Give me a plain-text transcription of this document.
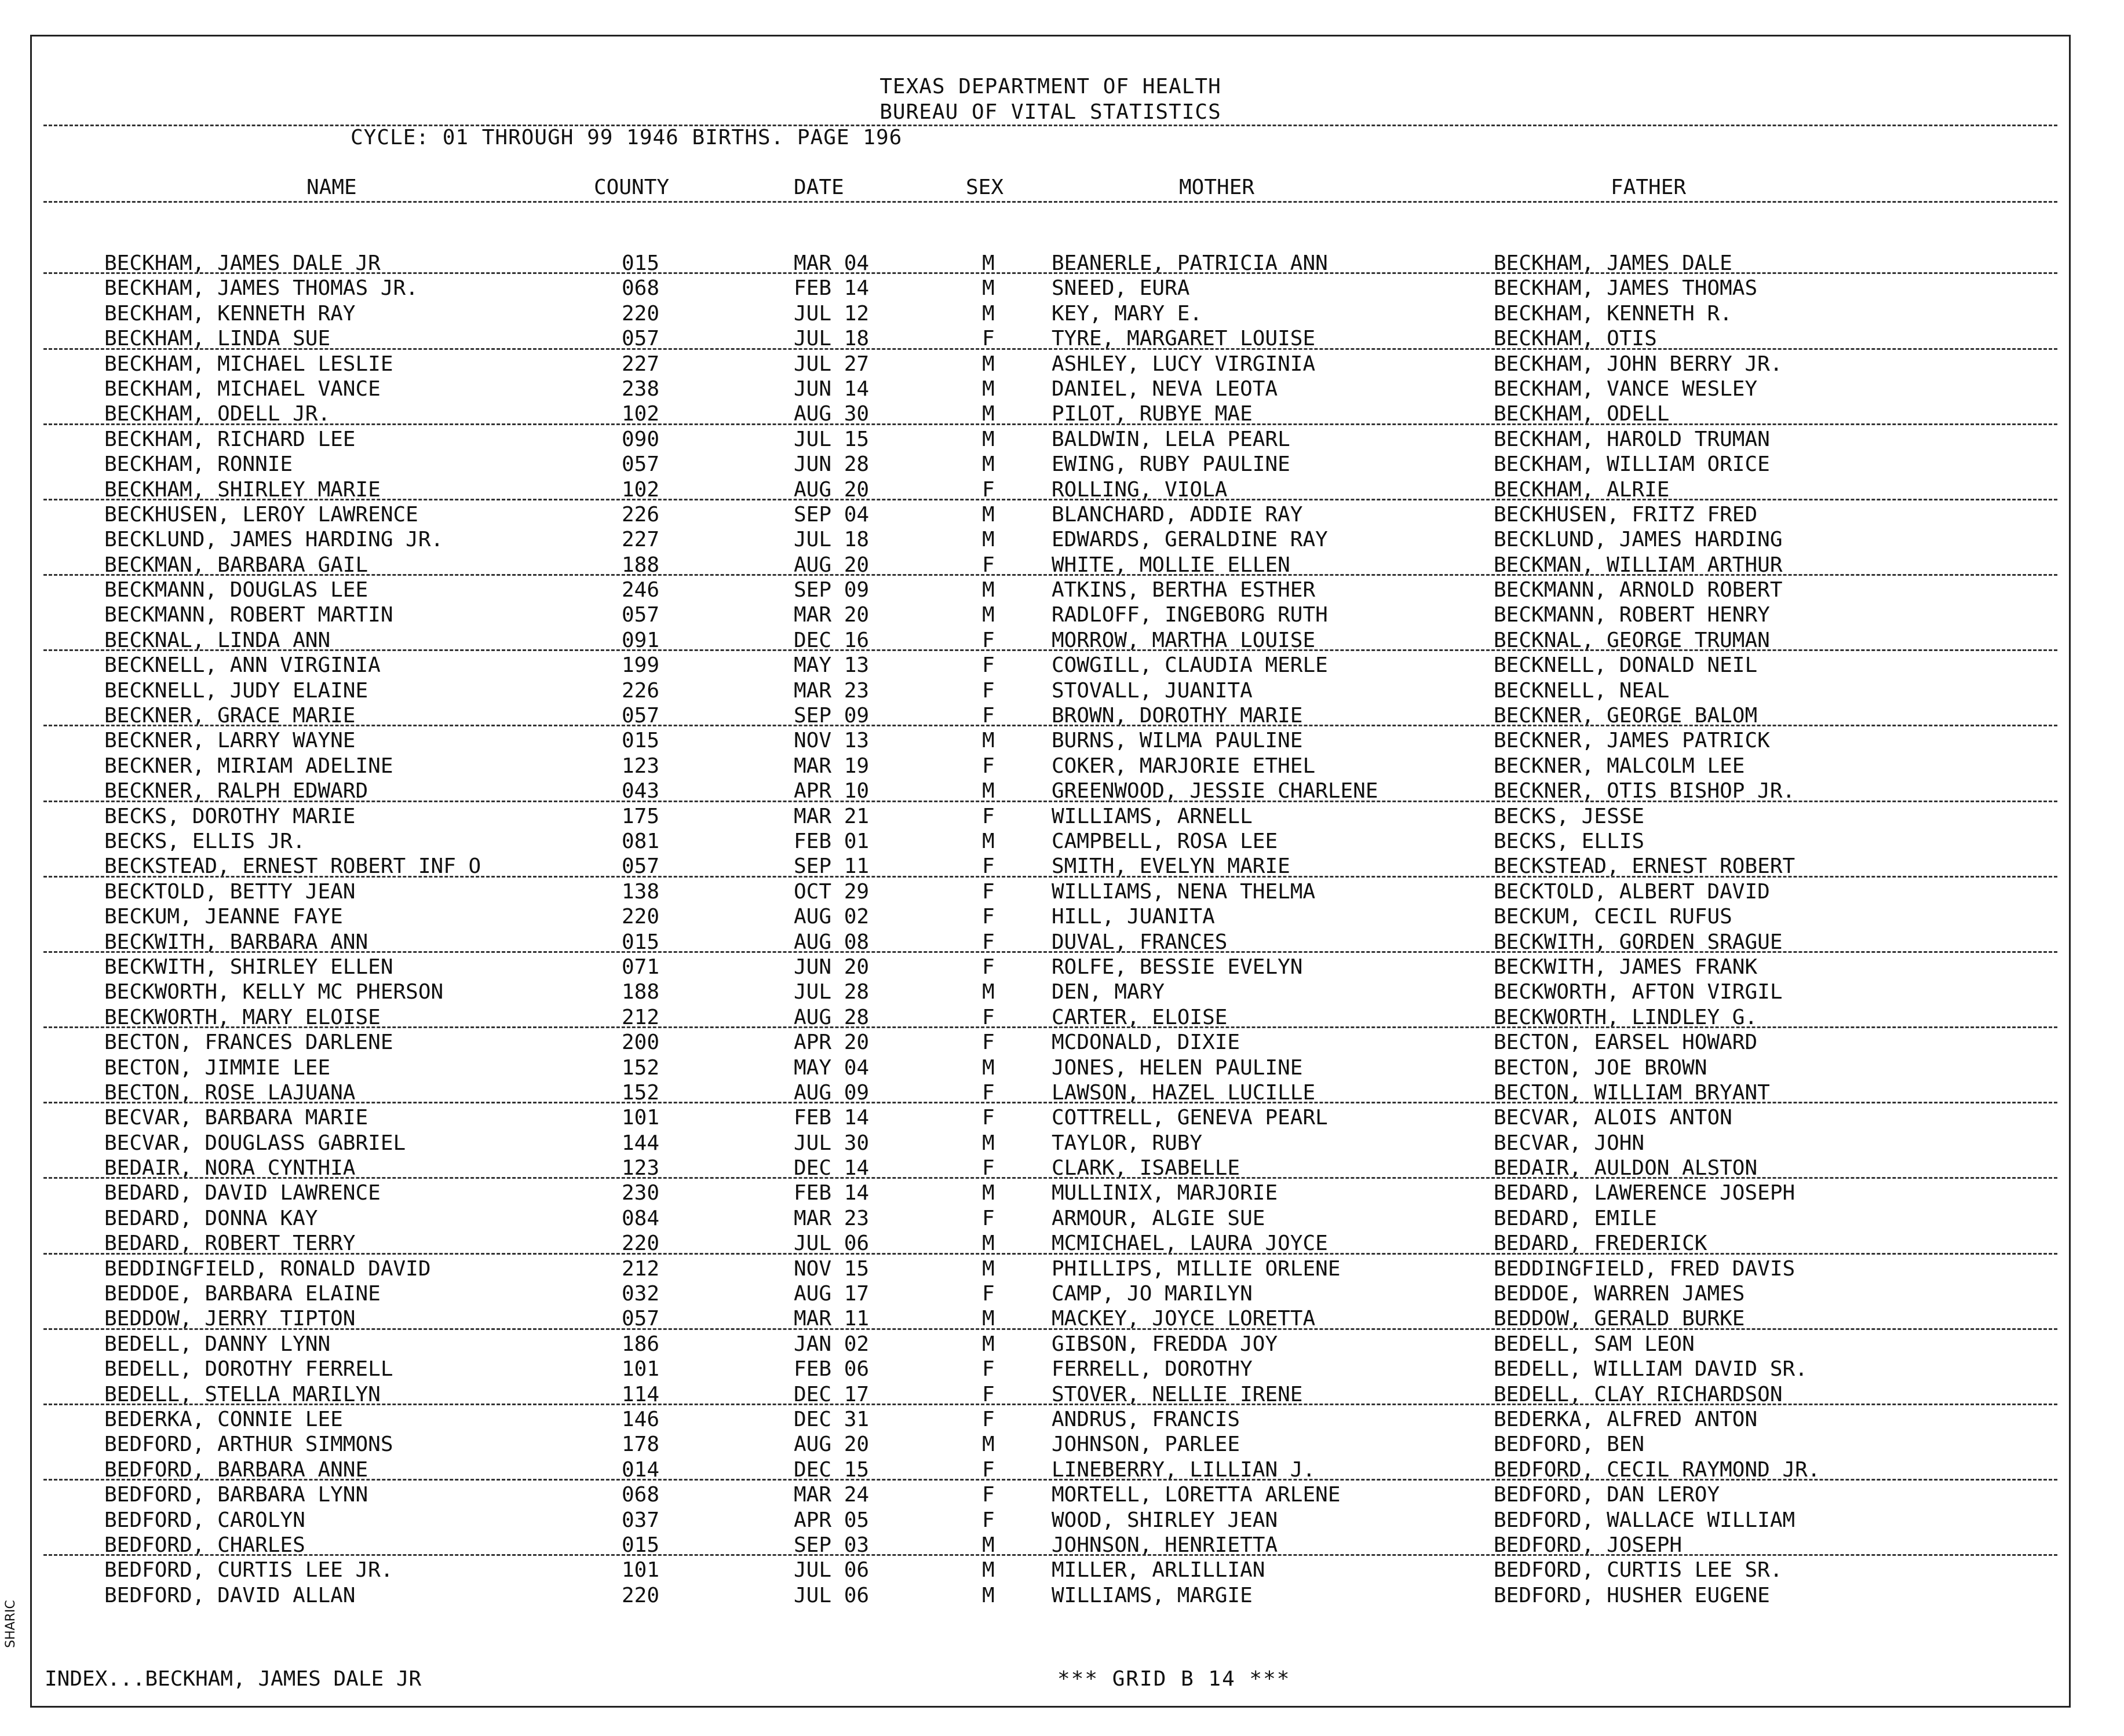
TEXAS DEPARTMENT OF HEALTH
BUREAU OF VITAL STATISTICS
CYCLE: 01 THROUGH 99 1946 BIRTHS. PAGE 196
NAME	COUNTY	DATE	SEX	MOTHER	FATHER
BECKHAM, JAMES DALE JR	015	MAR 04	M	BEANERLE, PATRICIA ANN	BECKHAM, JAMES DALE
BECKHAM, JAMES THOMAS JR.	068	FEB 14	M	SNEED, EURA	BECKHAM, JAMES THOMAS
BECKHAM, KENNETH RAY	220	JUL 12	M	KEY, MARY E.	BECKHAM, KENNETH R.
BECKHAM, LINDA SUE	057	JUL 18	F	TYRE, MARGARET LOUISE	BECKHAM, OTIS
BECKHAM, MICHAEL LESLIE	227	JUL 27	M	ASHLEY, LUCY VIRGINIA	BECKHAM, JOHN BERRY JR.
BECKHAM, MICHAEL VANCE	238	JUN 14	M	DANIEL, NEVA LEOTA	BECKHAM, VANCE WESLEY
BECKHAM, ODELL JR.	102	AUG 30	M	PILOT, RUBYE MAE	BECKHAM, ODELL
BECKHAM, RICHARD LEE	090	JUL 15	M	BALDWIN, LELA PEARL	BECKHAM, HAROLD TRUMAN
BECKHAM, RONNIE	057	JUN 28	M	EWING, RUBY PAULINE	BECKHAM, WILLIAM ORICE
BECKHAM, SHIRLEY MARIE	102	AUG 20	F	ROLLING, VIOLA	BECKHAM, ALRIE
BECKHUSEN, LEROY LAWRENCE	226	SEP 04	M	BLANCHARD, ADDIE RAY	BECKHUSEN, FRITZ FRED
BECKLUND, JAMES HARDING JR.	227	JUL 18	M	EDWARDS, GERALDINE RAY	BECKLUND, JAMES HARDING
BECKMAN, BARBARA GAIL	188	AUG 20	F	WHITE, MOLLIE ELLEN	BECKMAN, WILLIAM ARTHUR
BECKMANN, DOUGLAS LEE	246	SEP 09	M	ATKINS, BERTHA ESTHER	BECKMANN, ARNOLD ROBERT
BECKMANN, ROBERT MARTIN	057	MAR 20	M	RADLOFF, INGEBORG RUTH	BECKMANN, ROBERT HENRY
BECKNAL, LINDA ANN	091	DEC 16	F	MORROW, MARTHA LOUISE	BECKNAL, GEORGE TRUMAN
BECKNELL, ANN VIRGINIA	199	MAY 13	F	COWGILL, CLAUDIA MERLE	BECKNELL, DONALD NEIL
BECKNELL, JUDY ELAINE	226	MAR 23	F	STOVALL, JUANITA	BECKNELL, NEAL
BECKNER, GRACE MARIE	057	SEP 09	F	BROWN, DOROTHY MARIE	BECKNER, GEORGE BALOM
BECKNER, LARRY WAYNE	015	NOV 13	M	BURNS, WILMA PAULINE	BECKNER, JAMES PATRICK
BECKNER, MIRIAM ADELINE	123	MAR 19	F	COKER, MARJORIE ETHEL	BECKNER, MALCOLM LEE
BECKNER, RALPH EDWARD	043	APR 10	M	GREENWOOD, JESSIE CHARLENE	BECKNER, OTIS BISHOP JR.
BECKS, DOROTHY MARIE	175	MAR 21	F	WILLIAMS, ARNELL	BECKS, JESSE
BECKS, ELLIS JR.	081	FEB 01	M	CAMPBELL, ROSA LEE	BECKS, ELLIS
BECKSTEAD, ERNEST ROBERT INF O	057	SEP 11	F	SMITH, EVELYN MARIE	BECKSTEAD, ERNEST ROBERT
BECKTOLD, BETTY JEAN	138	OCT 29	F	WILLIAMS, NENA THELMA	BECKTOLD, ALBERT DAVID
BECKUM, JEANNE FAYE	220	AUG 02	F	HILL, JUANITA	BECKUM, CECIL RUFUS
BECKWITH, BARBARA ANN	015	AUG 08	F	DUVAL, FRANCES	BECKWITH, GORDEN SRAGUE
BECKWITH, SHIRLEY ELLEN	071	JUN 20	F	ROLFE, BESSIE EVELYN	BECKWITH, JAMES FRANK
BECKWORTH, KELLY MC PHERSON	188	JUL 28	M	DEN, MARY	BECKWORTH, AFTON VIRGIL
BECKWORTH, MARY ELOISE	212	AUG 28	F	CARTER, ELOISE	BECKWORTH, LINDLEY G.
BECTON, FRANCES DARLENE	200	APR 20	F	MCDONALD, DIXIE	BECTON, EARSEL HOWARD
BECTON, JIMMIE LEE	152	MAY 04	M	JONES, HELEN PAULINE	BECTON, JOE BROWN
BECTON, ROSE LAJUANA	152	AUG 09	F	LAWSON, HAZEL LUCILLE	BECTON, WILLIAM BRYANT
BECVAR, BARBARA MARIE	101	FEB 14	F	COTTRELL, GENEVA PEARL	BECVAR, ALOIS ANTON
BECVAR, DOUGLASS GABRIEL	144	JUL 30	M	TAYLOR, RUBY	BECVAR, JOHN
BEDAIR, NORA CYNTHIA	123	DEC 14	F	CLARK, ISABELLE	BEDAIR, AULDON ALSTON
BEDARD, DAVID LAWRENCE	230	FEB 14	M	MULLINIX, MARJORIE	BEDARD, LAWERENCE JOSEPH
BEDARD, DONNA KAY	084	MAR 23	F	ARMOUR, ALGIE SUE	BEDARD, EMILE
BEDARD, ROBERT TERRY	220	JUL 06	M	MCMICHAEL, LAURA JOYCE	BEDARD, FREDERICK
BEDDINGFIELD, RONALD DAVID	212	NOV 15	M	PHILLIPS, MILLIE ORLENE	BEDDINGFIELD, FRED DAVIS
BEDDOE, BARBARA ELAINE	032	AUG 17	F	CAMP, JO MARILYN	BEDDOE, WARREN JAMES
BEDDOW, JERRY TIPTON	057	MAR 11	M	MACKEY, JOYCE LORETTA	BEDDOW, GERALD BURKE
BEDELL, DANNY LYNN	186	JAN 02	M	GIBSON, FREDDA JOY	BEDELL, SAM LEON
BEDELL, DOROTHY FERRELL	101	FEB 06	F	FERRELL, DOROTHY	BEDELL, WILLIAM DAVID SR.
BEDELL, STELLA MARILYN	114	DEC 17	F	STOVER, NELLIE IRENE	BEDELL, CLAY RICHARDSON
BEDERKA, CONNIE LEE	146	DEC 31	F	ANDRUS, FRANCIS	BEDERKA, ALFRED ANTON
BEDFORD, ARTHUR SIMMONS	178	AUG 20	M	JOHNSON, PARLEE	BEDFORD, BEN
BEDFORD, BARBARA ANNE	014	DEC 15	F	LINEBERRY, LILLIAN J.	BEDFORD, CECIL RAYMOND JR.
BEDFORD, BARBARA LYNN	068	MAR 24	F	MORTELL, LORETTA ARLENE	BEDFORD, DAN LEROY
BEDFORD, CAROLYN	037	APR 05	F	WOOD, SHIRLEY JEAN	BEDFORD, WALLACE WILLIAM
BEDFORD, CHARLES	015	SEP 03	M	JOHNSON, HENRIETTA	BEDFORD, JOSEPH
BEDFORD, CURTIS LEE JR.	101	JUL 06	M	MILLER, ARLILLIAN	BEDFORD, CURTIS LEE SR.
BEDFORD, DAVID ALLAN	220	JUL 06	M	WILLIAMS, MARGIE	BEDFORD, HUSHER EUGENE
INDEX...BECKHAM, JAMES DALE JR	*** GRID B 14 ***
SHARIC
